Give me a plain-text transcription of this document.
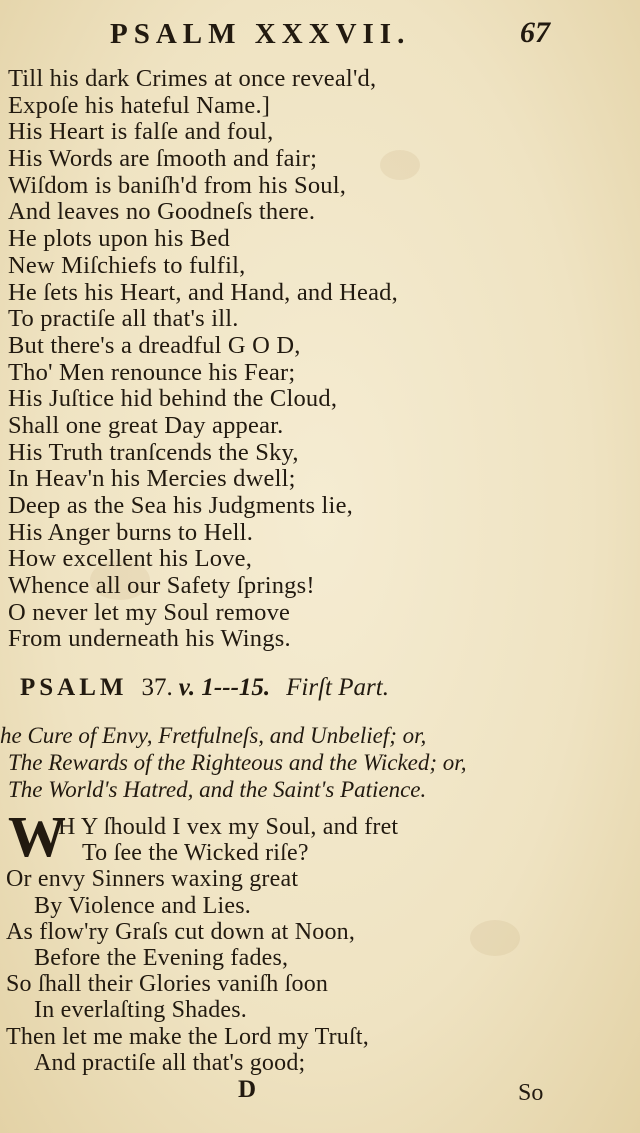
PSALM XXXVII.	67
Till his dark Crimes at once reveal'd,
Expoſe his hateful Name.]
His Heart is falſe and foul,
His Words are ſmooth and fair;
Wiſdom is baniſh'd from his Soul,
And leaves no Goodneſs there.
He plots upon his Bed
New Miſchiefs to fulfil,
He ſets his Heart, and Hand, and Head,
To practiſe all that's ill.
But there's a dreadful G O D,
Tho' Men renounce his Fear;
His Juſtice hid behind the Cloud,
Shall one great Day appear.
His Truth tranſcends the Sky,
In Heav'n his Mercies dwell;
Deep as the Sea his Judgments lie,
His Anger burns to Hell.
How excellent his Love,
Whence all our Safety ſprings!
O never let my Soul remove
From underneath his Wings.
PSALM 37. v. 1---15. Firſt Part.
he Cure of Envy, Fretfulneſs, and Unbelief; or,
The Rewards of the Righteous and the Wicked; or,
The World's Hatred, and the Saint's Patience.
W
H Y ſhould I vex my Soul, and fret
To ſee the Wicked riſe?
Or envy Sinners waxing great
By Violence and Lies.
As flow'ry Graſs cut down at Noon,
Before the Evening fades,
So ſhall their Glories vaniſh ſoon
In everlaſting Shades.
Then let me make the Lord my Truſt,
And practiſe all that's good;
D	So
